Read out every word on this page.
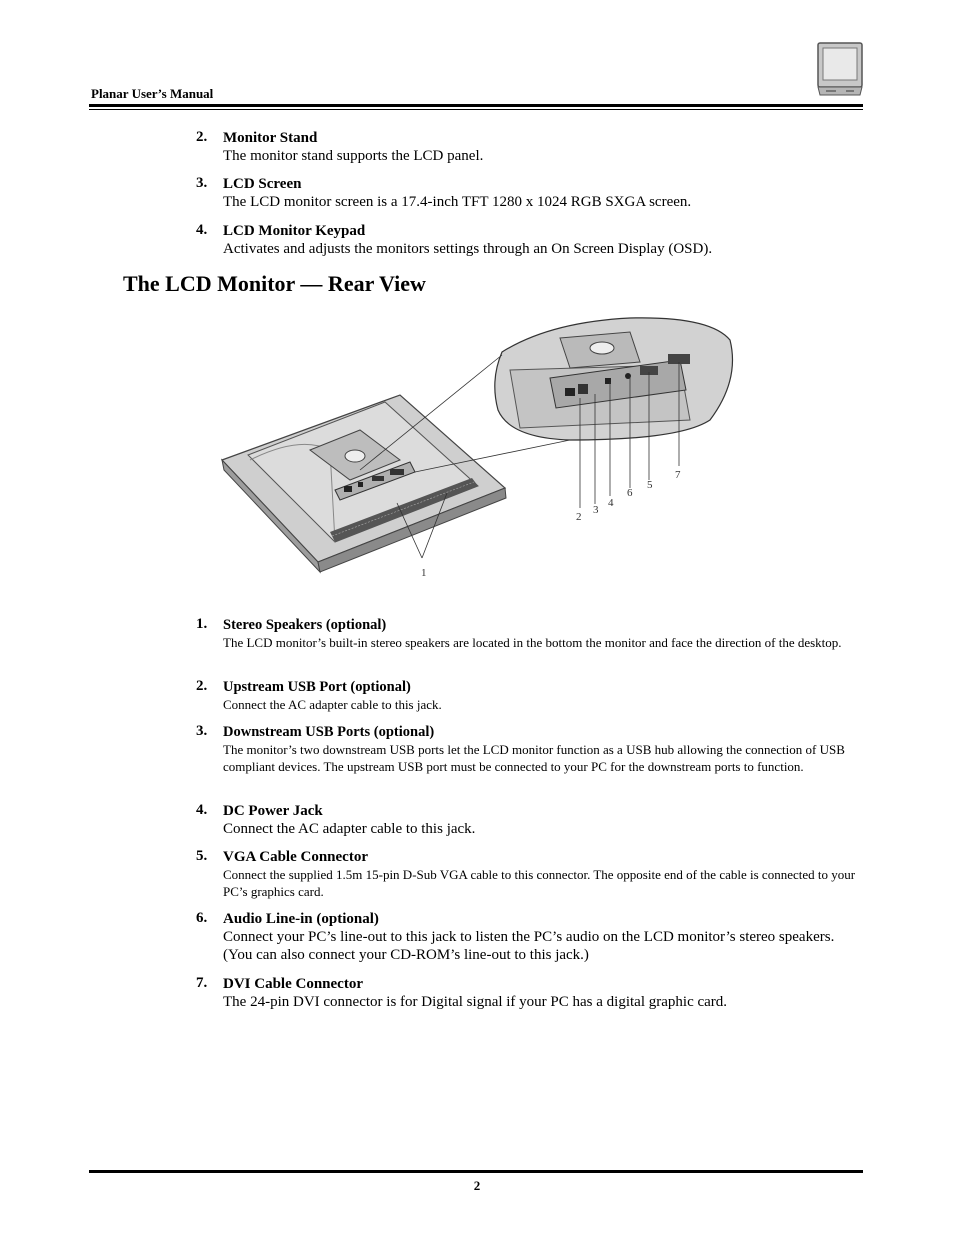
Planar User’s Manual
2. Monitor Stand
The monitor stand supports the LCD panel.
3. LCD Screen
The LCD monitor screen is a 17.4-inch TFT 1280 x 1024 RGB SXGA screen.
4. LCD Monitor Keypad
Activates and adjusts the monitors settings through an On Screen Display (OSD).
The LCD Monitor — Rear View
1
2
3
4
5
6
7
1. Stereo Speakers (optional)
The LCD monitor’s built-in stereo speakers are located in the bottom the monitor and face the direction of the desktop.
2. Upstream USB Port (optional)
Connect the AC adapter cable to this jack.
3. Downstream USB Ports (optional)
The monitor’s two downstream USB ports let the LCD monitor function as a USB hub allowing the connection of USB compliant devices. The upstream USB port must be connected to your PC for the downstream ports to function.
4. DC Power Jack
Connect the AC adapter cable to this jack.
5. VGA Cable Connector
Connect the supplied 1.5m 15-pin D-Sub VGA cable to this connector. The opposite end of the cable is connected to your PC’s graphics card.
6. Audio Line-in (optional)
Connect your PC’s line-out to this jack to listen the PC’s audio on the LCD monitor’s stereo speakers. (You can also connect your CD-ROM’s line-out to this jack.)
7. DVI Cable Connector
The 24-pin DVI connector is for Digital signal if your PC has a digital graphic card.
2
